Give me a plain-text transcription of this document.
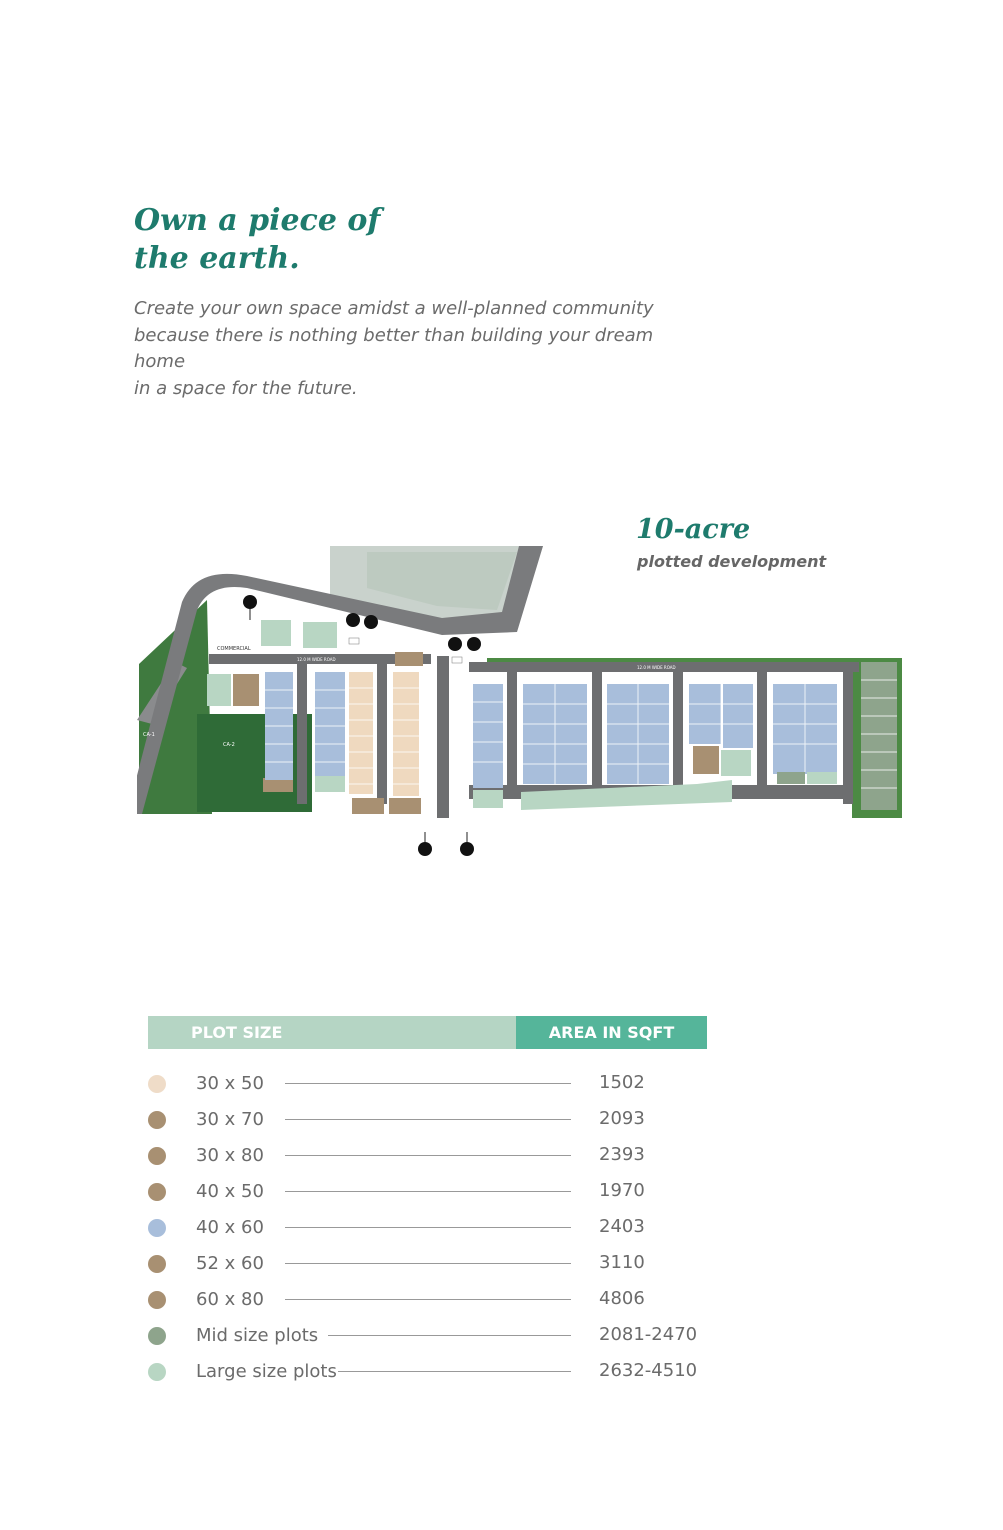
Own a piece of
the earth.

Create your own space amidst a well-planned community
because there is nothing better than building your dream home
in a space for the future.

10-acre
plotted development
COMMERCIAL
12.0 M WIDE ROAD
12.0 M WIDE ROAD
CA-1
CA-2
PLOT SIZE	AREA IN SQFT
30 x 50	1502
30 x 70	2093
30 x 80	2393
40 x 50	1970
40 x 60	2403
52 x 60	3110
60 x 80	4806
Mid size plots	2081-2470
Large size plots	2632-4510
